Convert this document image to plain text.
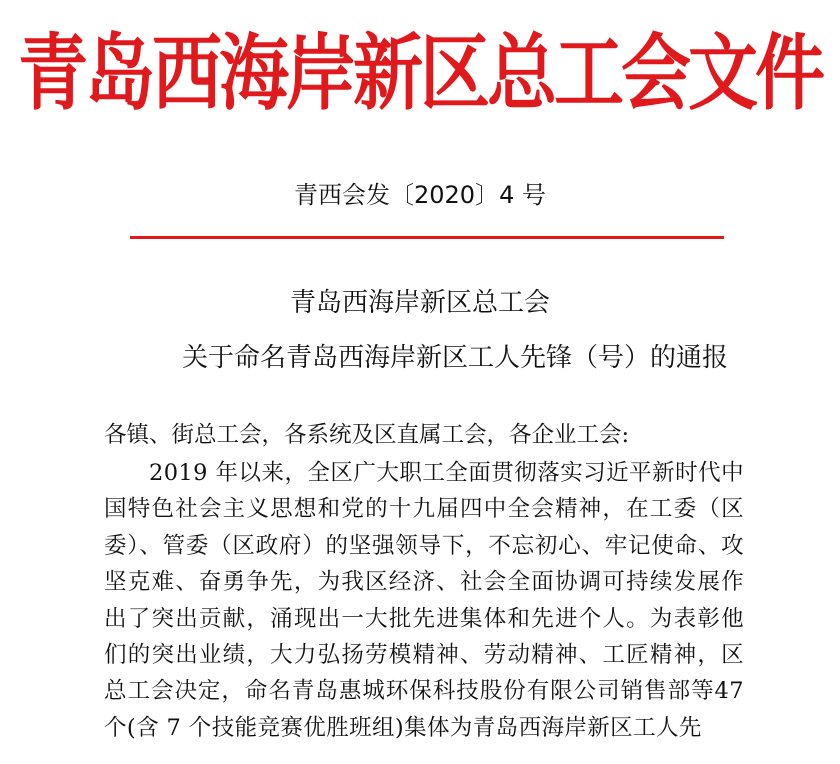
青岛西海岸新区总工会文件
青西会发〔2020〕4 号
青岛西海岸新区总工会
关于命名青岛西海岸新区工人先锋（号）的通报
各镇、街总工会，各系统及区直属工会，各企业工会:
2019 年以来，全区广大职工全面贯彻落实习近平新时代中国特色社会主义思想和党的十九届四中全会精神，在工委（区委）、管委（区政府）的坚强领导下，不忘初心、牢记使命、攻坚克难、奋勇争先，为我区经济、社会全面协调可持续发展作出了突出贡献，涌现出一大批先进集体和先进个人。为表彰他们的突出业绩，大力弘扬劳模精神、劳动精神、工匠精神，区总工会决定，命名青岛惠城环保科技股份有限公司销售部等47 个(含 7 个技能竞赛优胜班组)集体为青岛西海岸新区工人先
